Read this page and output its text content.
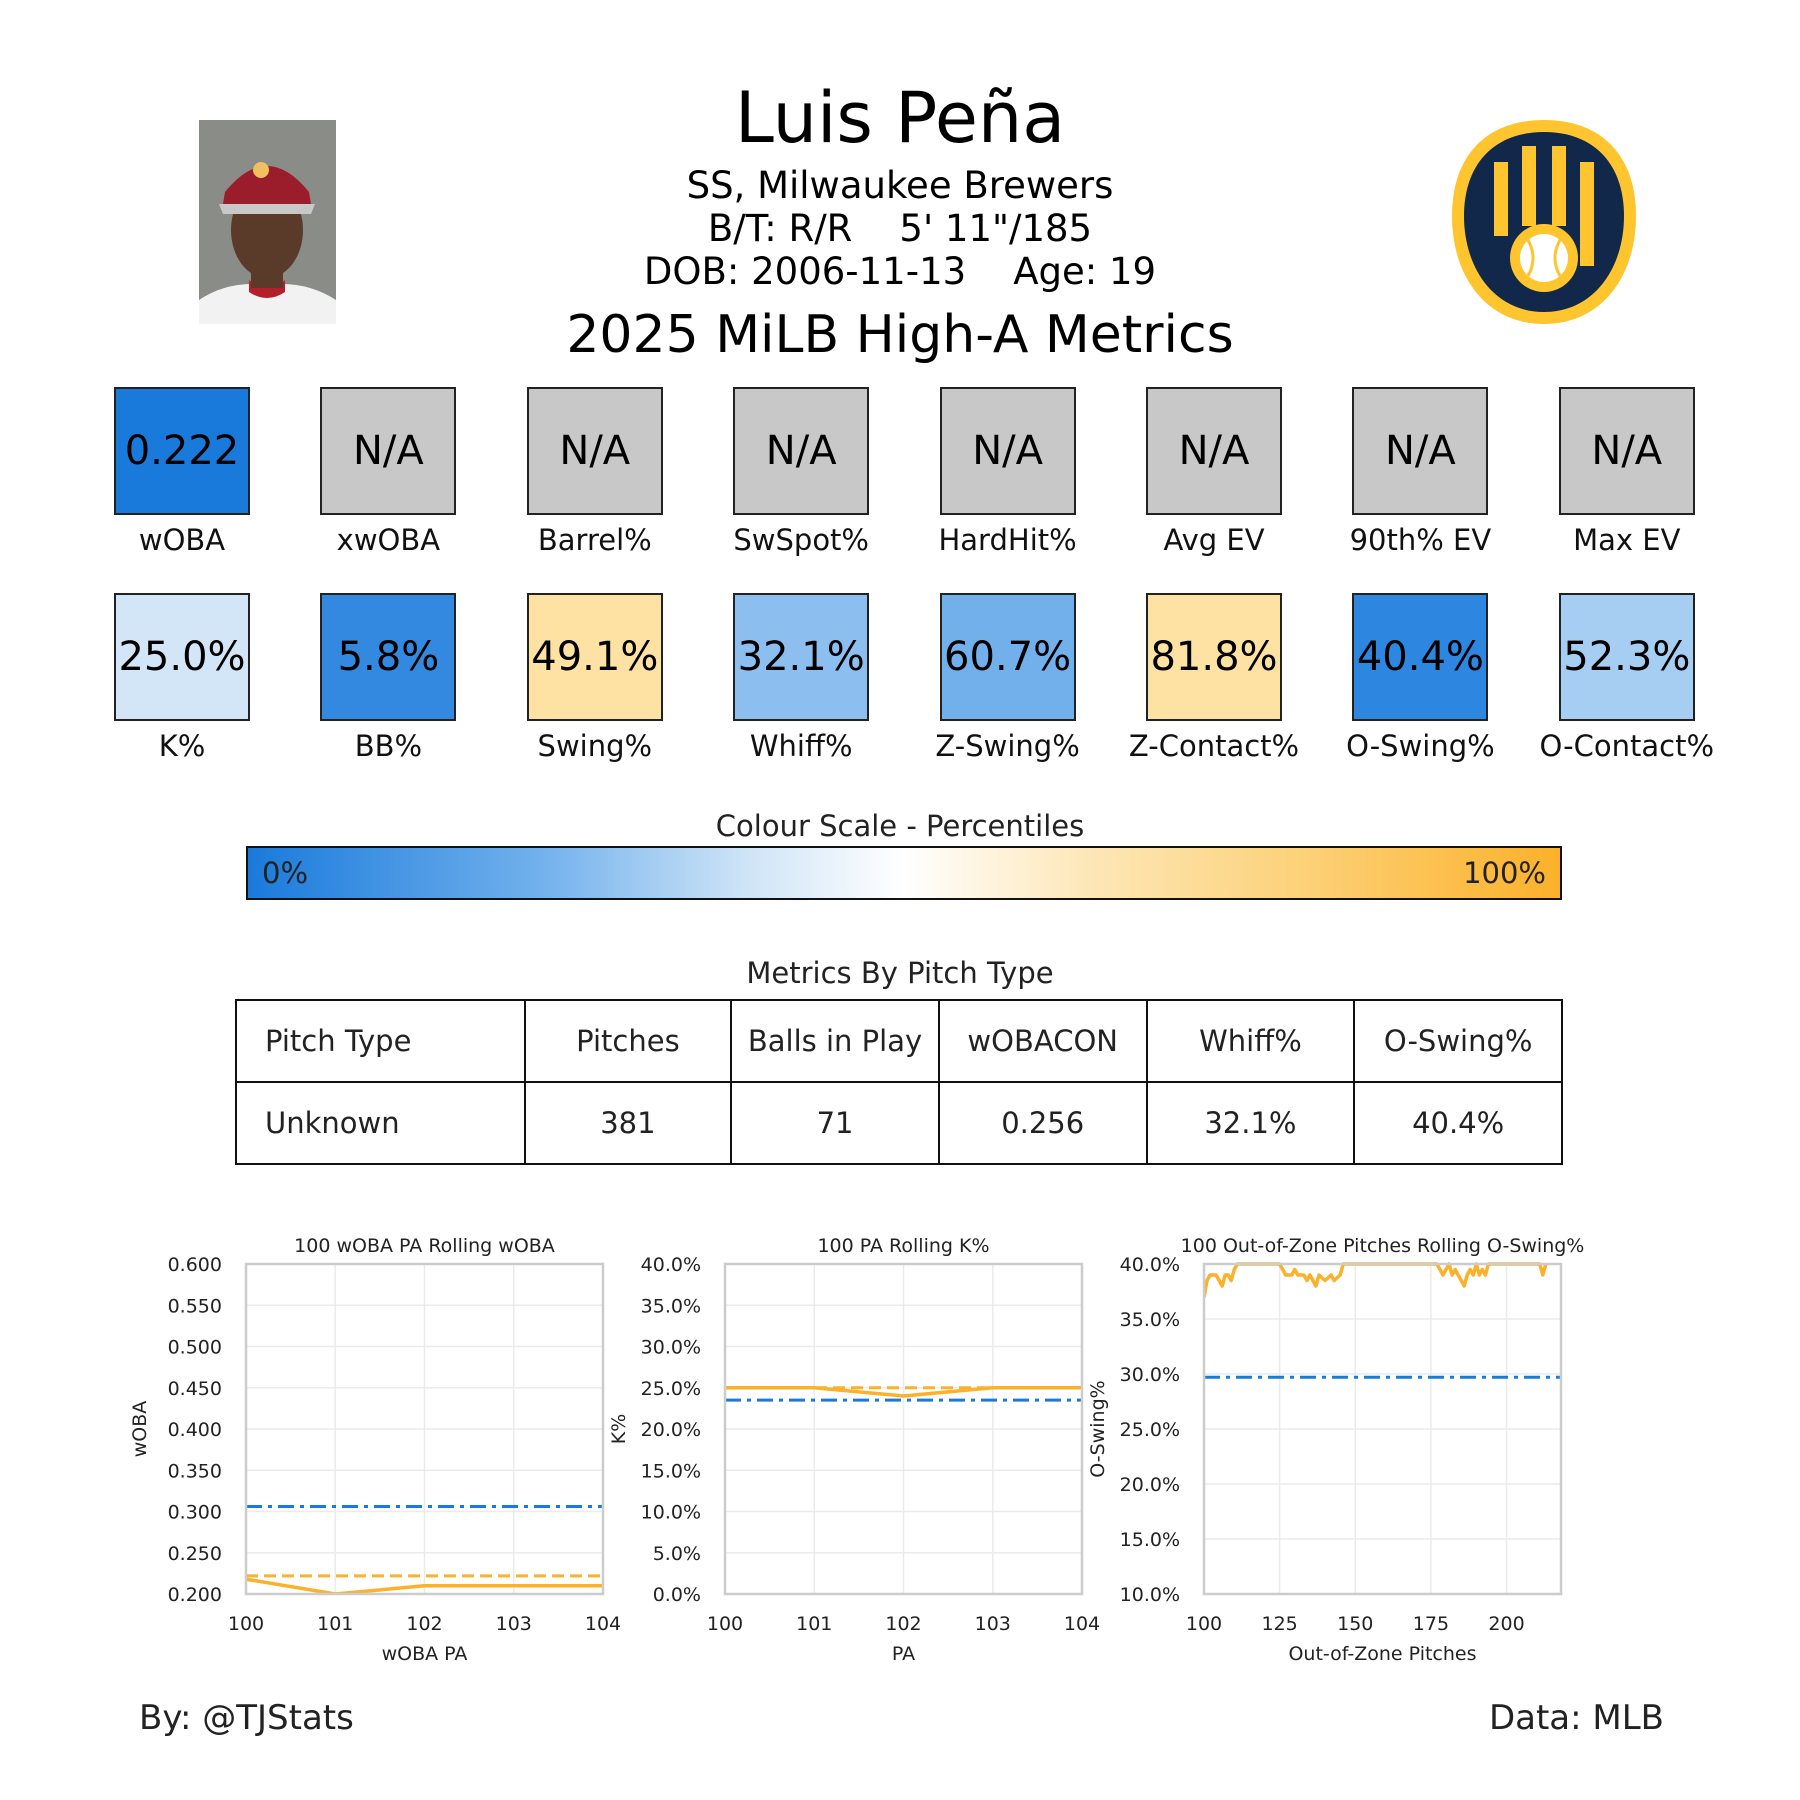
Luis Peña
SS, Milwaukee Brewers
B/T: R/R    5' 11"/185
DOB: 2006-11-13    Age: 19
2025 MiLB High-A Metrics
0.222
wOBA
N/A
xwOBA
N/A
Barrel%
N/A
SwSpot%
N/A
HardHit%
N/A
Avg EV
N/A
90th% EV
N/A
Max EV
25.0%
K%
5.8%
BB%
49.1%
Swing%
32.1%
Whiff%
60.7%
Z-Swing%
81.8%
Z-Contact%
40.4%
O-Swing%
52.3%
O-Contact%
Colour Scale - Percentiles
0%	100%
Metrics By Pitch Type
Pitch Type	Pitches	Balls in Play	wOBACON	Whiff%	O-Swing%
Unknown	381	71	0.256	32.1%	40.4%
100	101	102	103	104
0.200
0.250
0.300
0.350
0.400
0.450
0.500
0.550
0.600
100 wOBA PA Rolling wOBA
wOBA PA
wOBA
100	101	102	103	104
0.0%
5.0%
10.0%
15.0%
20.0%
25.0%
30.0%
35.0%
40.0%
100 PA Rolling K%
PA
K%
100 125 150 175 200
10.0%
15.0%
20.0%
25.0%
30.0%
35.0%
40.0%
100 Out-of-Zone Pitches Rolling O-Swing%
Out-of-Zone Pitches
O-Swing%
By: @TJStats	Data: MLB
